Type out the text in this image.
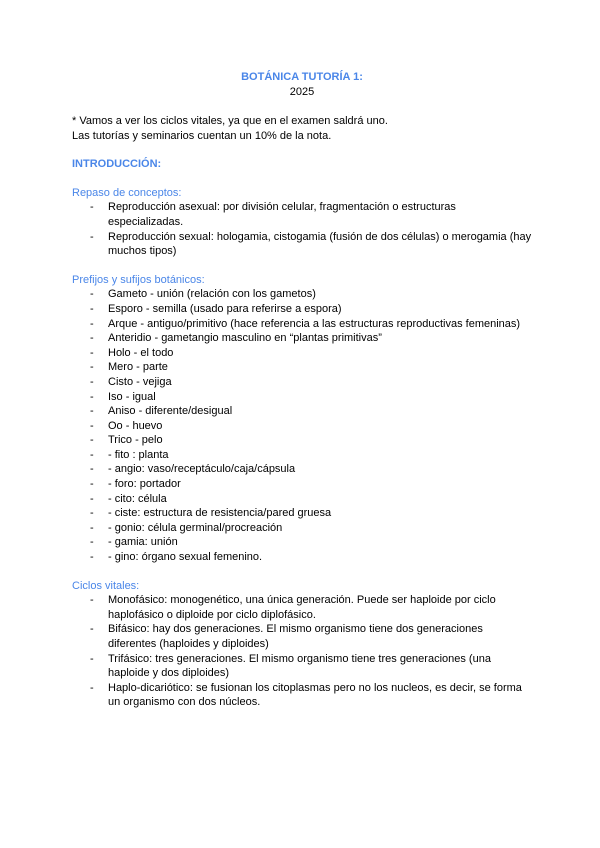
BOTÁNICA TUTORÍA 1:
2025

* Vamos a ver los ciclos vitales, ya que en el examen saldrá uno.

Las tutorías y seminarios cuentan un 10% de la nota.

INTRODUCCIÓN:

Repaso de conceptos:

- Reproducción asexual: por división celular, fragmentación o estructuras especializadas.
- Reproducción sexual: hologamia, cistogamia (fusión de dos células) o merogamia (hay muchos tipos)

Prefijos y sufijos botánicos:

- Gameto - unión (relación con los gametos)
- Esporo - semilla (usado para referirse a espora)
- Arque - antiguo/primitivo (hace referencia a las estructuras reproductivas femeninas)
- Anteridio - gametangio masculino en “plantas primitivas”
- Holo - el todo
- Mero - parte
- Cisto - vejiga
- Iso - igual
- Aniso - diferente/desigual
- Oo - huevo
- Trico - pelo
- - fito : planta
- - angio: vaso/receptáculo/caja/cápsula
- - foro: portador
- - cito: célula
- - ciste: estructura de resistencia/pared gruesa
- - gonio: célula germinal/procreación
- - gamia: unión
- - gino: órgano sexual femenino.

Ciclos vitales:

- Monofásico: monogenético, una única generación. Puede ser haploide por ciclo haplofásico o diploide por ciclo diplofásico.
- Bifásico: hay dos generaciones. El mismo organismo tiene dos generaciones diferentes (haploides y diploides)
- Trifásico: tres generaciones. El mismo organismo tiene tres generaciones (una haploide y dos diploides)
- Haplo-dicariótico: se fusionan los citoplasmas pero no los nucleos, es decir, se forma un organismo con dos núcleos.
